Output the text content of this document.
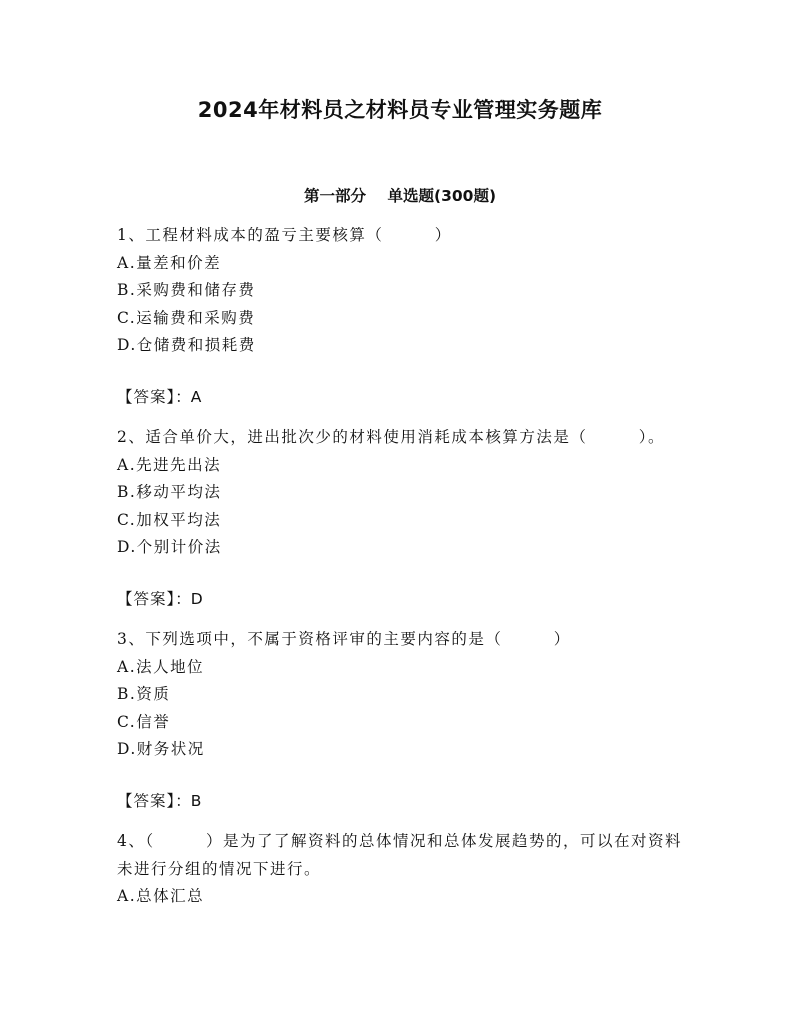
2024年材料员之材料员专业管理实务题库
第一部分    单选题(300题)

1、工程材料成本的盈亏主要核算（        ）

A.量差和价差

B.采购费和储存费

C.运输费和采购费

D.仓储费和损耗费

【答案】：A

2、适合单价大，进出批次少的材料使用消耗成本核算方法是（        ）。

A.先进先出法

B.移动平均法

C.加权平均法

D.个别计价法

【答案】：D

3、下列选项中，不属于资格评审的主要内容的是（        ）

A.法人地位

B.资质

C.信誉

D.财务状况

【答案】：B

4、（        ）是为了了解资料的总体情况和总体发展趋势的，可以在对资料未进行分组的情况下进行。

A.总体汇总
